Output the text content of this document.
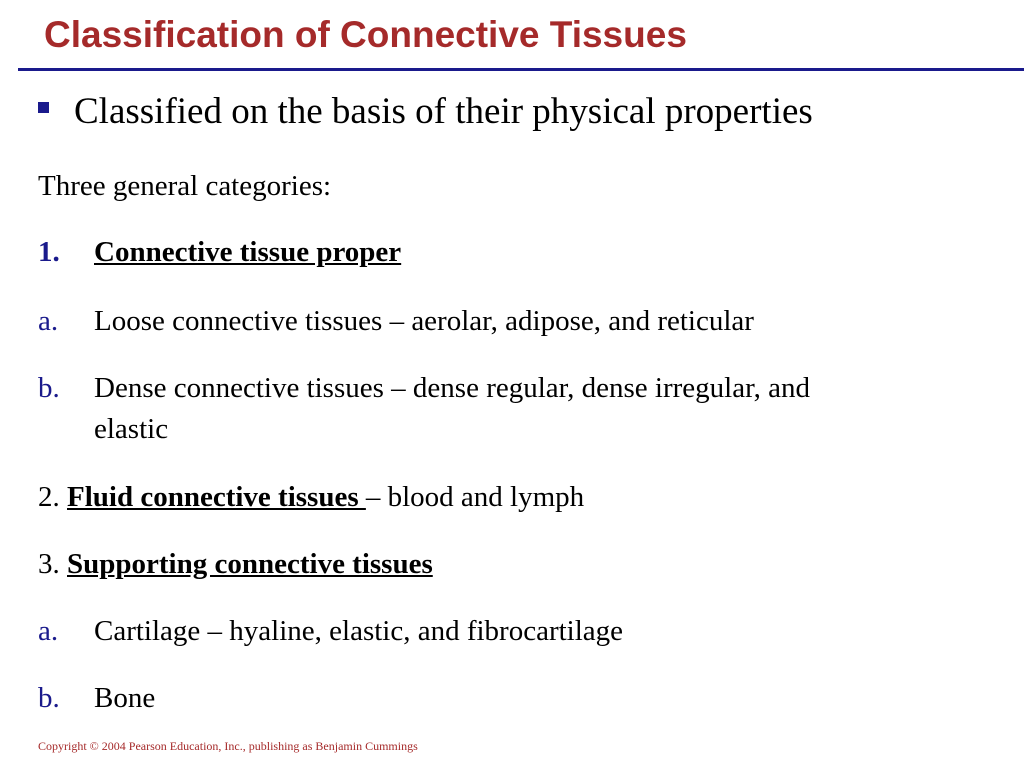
Classification of Connective Tissues
Classified on the basis of their physical properties
Three general categories:
1. Connective tissue proper
a. Loose connective tissues – aerolar, adipose, and reticular
b. Dense connective tissues – dense regular, dense irregular, and
elastic
2. Fluid connective tissues – blood and lymph
3. Supporting connective tissues
a. Cartilage – hyaline, elastic, and fibrocartilage
b. Bone
Copyright © 2004 Pearson Education, Inc., publishing as Benjamin Cummings
